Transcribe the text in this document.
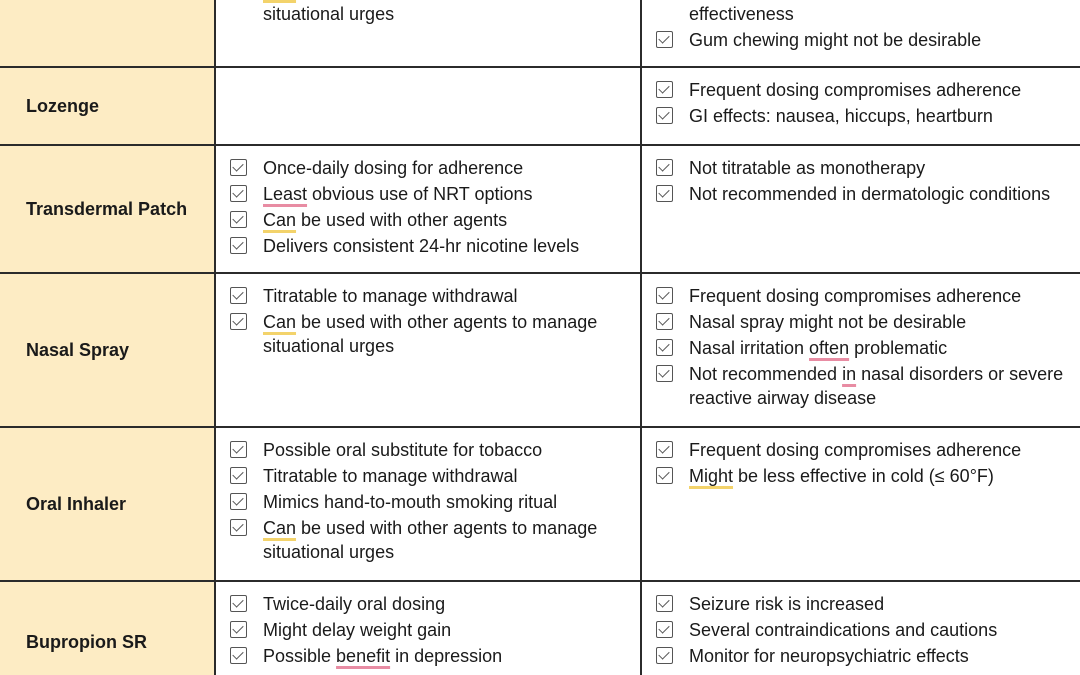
situational urges	effectiveness
Gum chewing might not be desirable
Lozenge
Frequent dosing compromises adherence
GI effects: nausea, hiccups, heartburn
Transdermal Patch
Once-daily dosing for adherence
Least obvious use of NRT options
Can be used with other agents
Delivers consistent 24-hr nicotine levels
Not titratable as monotherapy
Not recommended in dermatologic conditions
Nasal Spray
Titratable to manage withdrawal
Can be used with other agents to manage situational urges
Frequent dosing compromises adherence
Nasal spray might not be desirable
Nasal irritation often problematic
Not recommended in nasal disorders or severe reactive airway disease
Oral Inhaler
Possible oral substitute for tobacco
Titratable to manage withdrawal
Mimics hand-to-mouth smoking ritual
Can be used with other agents to manage situational urges
Frequent dosing compromises adherence
Might be less effective in cold (≤ 60°F)
Bupropion SR
Twice-daily oral dosing
Might delay weight gain
Possible benefit in depression
Seizure risk is increased
Several contraindications and cautions
Monitor for neuropsychiatric effects
